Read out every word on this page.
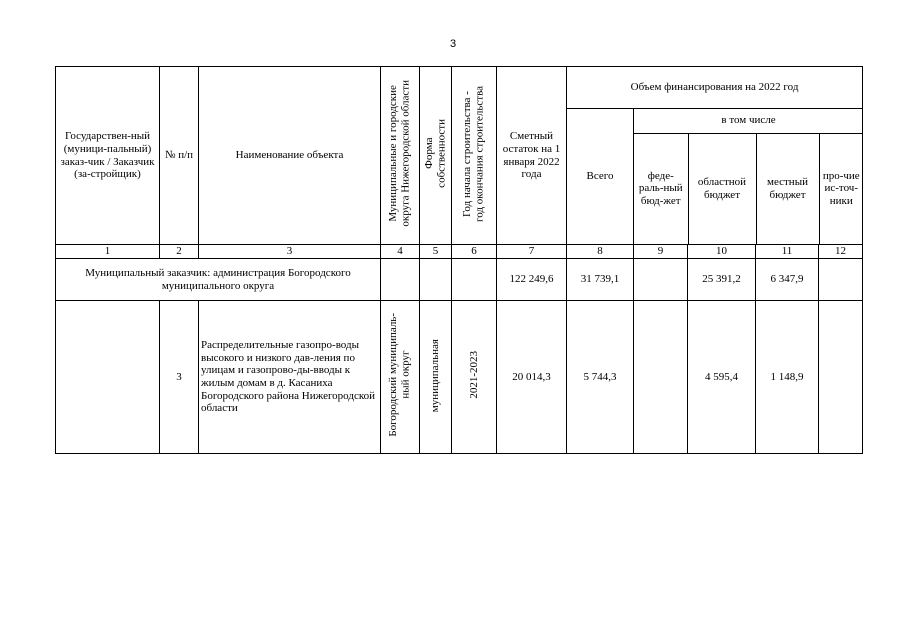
3
Государствен-ный (муници-пальный) заказ-чик / Заказчик (за-стройщик)	№ п/п	Наименование объекта	Муниципальные и городские
округа Нижегородской области	Форма
собственности	Год начала строительства -
год окончания строительства	Сметный остаток на 1 января 2022 года	Объем финансирования на 2022 год
Всего	
в том числе
феде-раль-ный бюд-жет	областной бюджет	местный бюджет	про-чие ис-точ-ники

1	2	3	4	5	6	7	8	9	10	11	12
Муниципальный заказчик: администрация Богородского муниципального округа				122 249,6	31 739,1		25 391,2	6 347,9	
	3	Распределительные газопро-воды высокого и низкого дав-ления по улицам и газопрово-ды-вводы к жилым домам в д. Касаниха Богородского района Нижегородской области	Богородский муниципаль-
ный округ	муниципальная	2021-2023	20 014,3	5 744,3		4 595,4	1 148,9	
